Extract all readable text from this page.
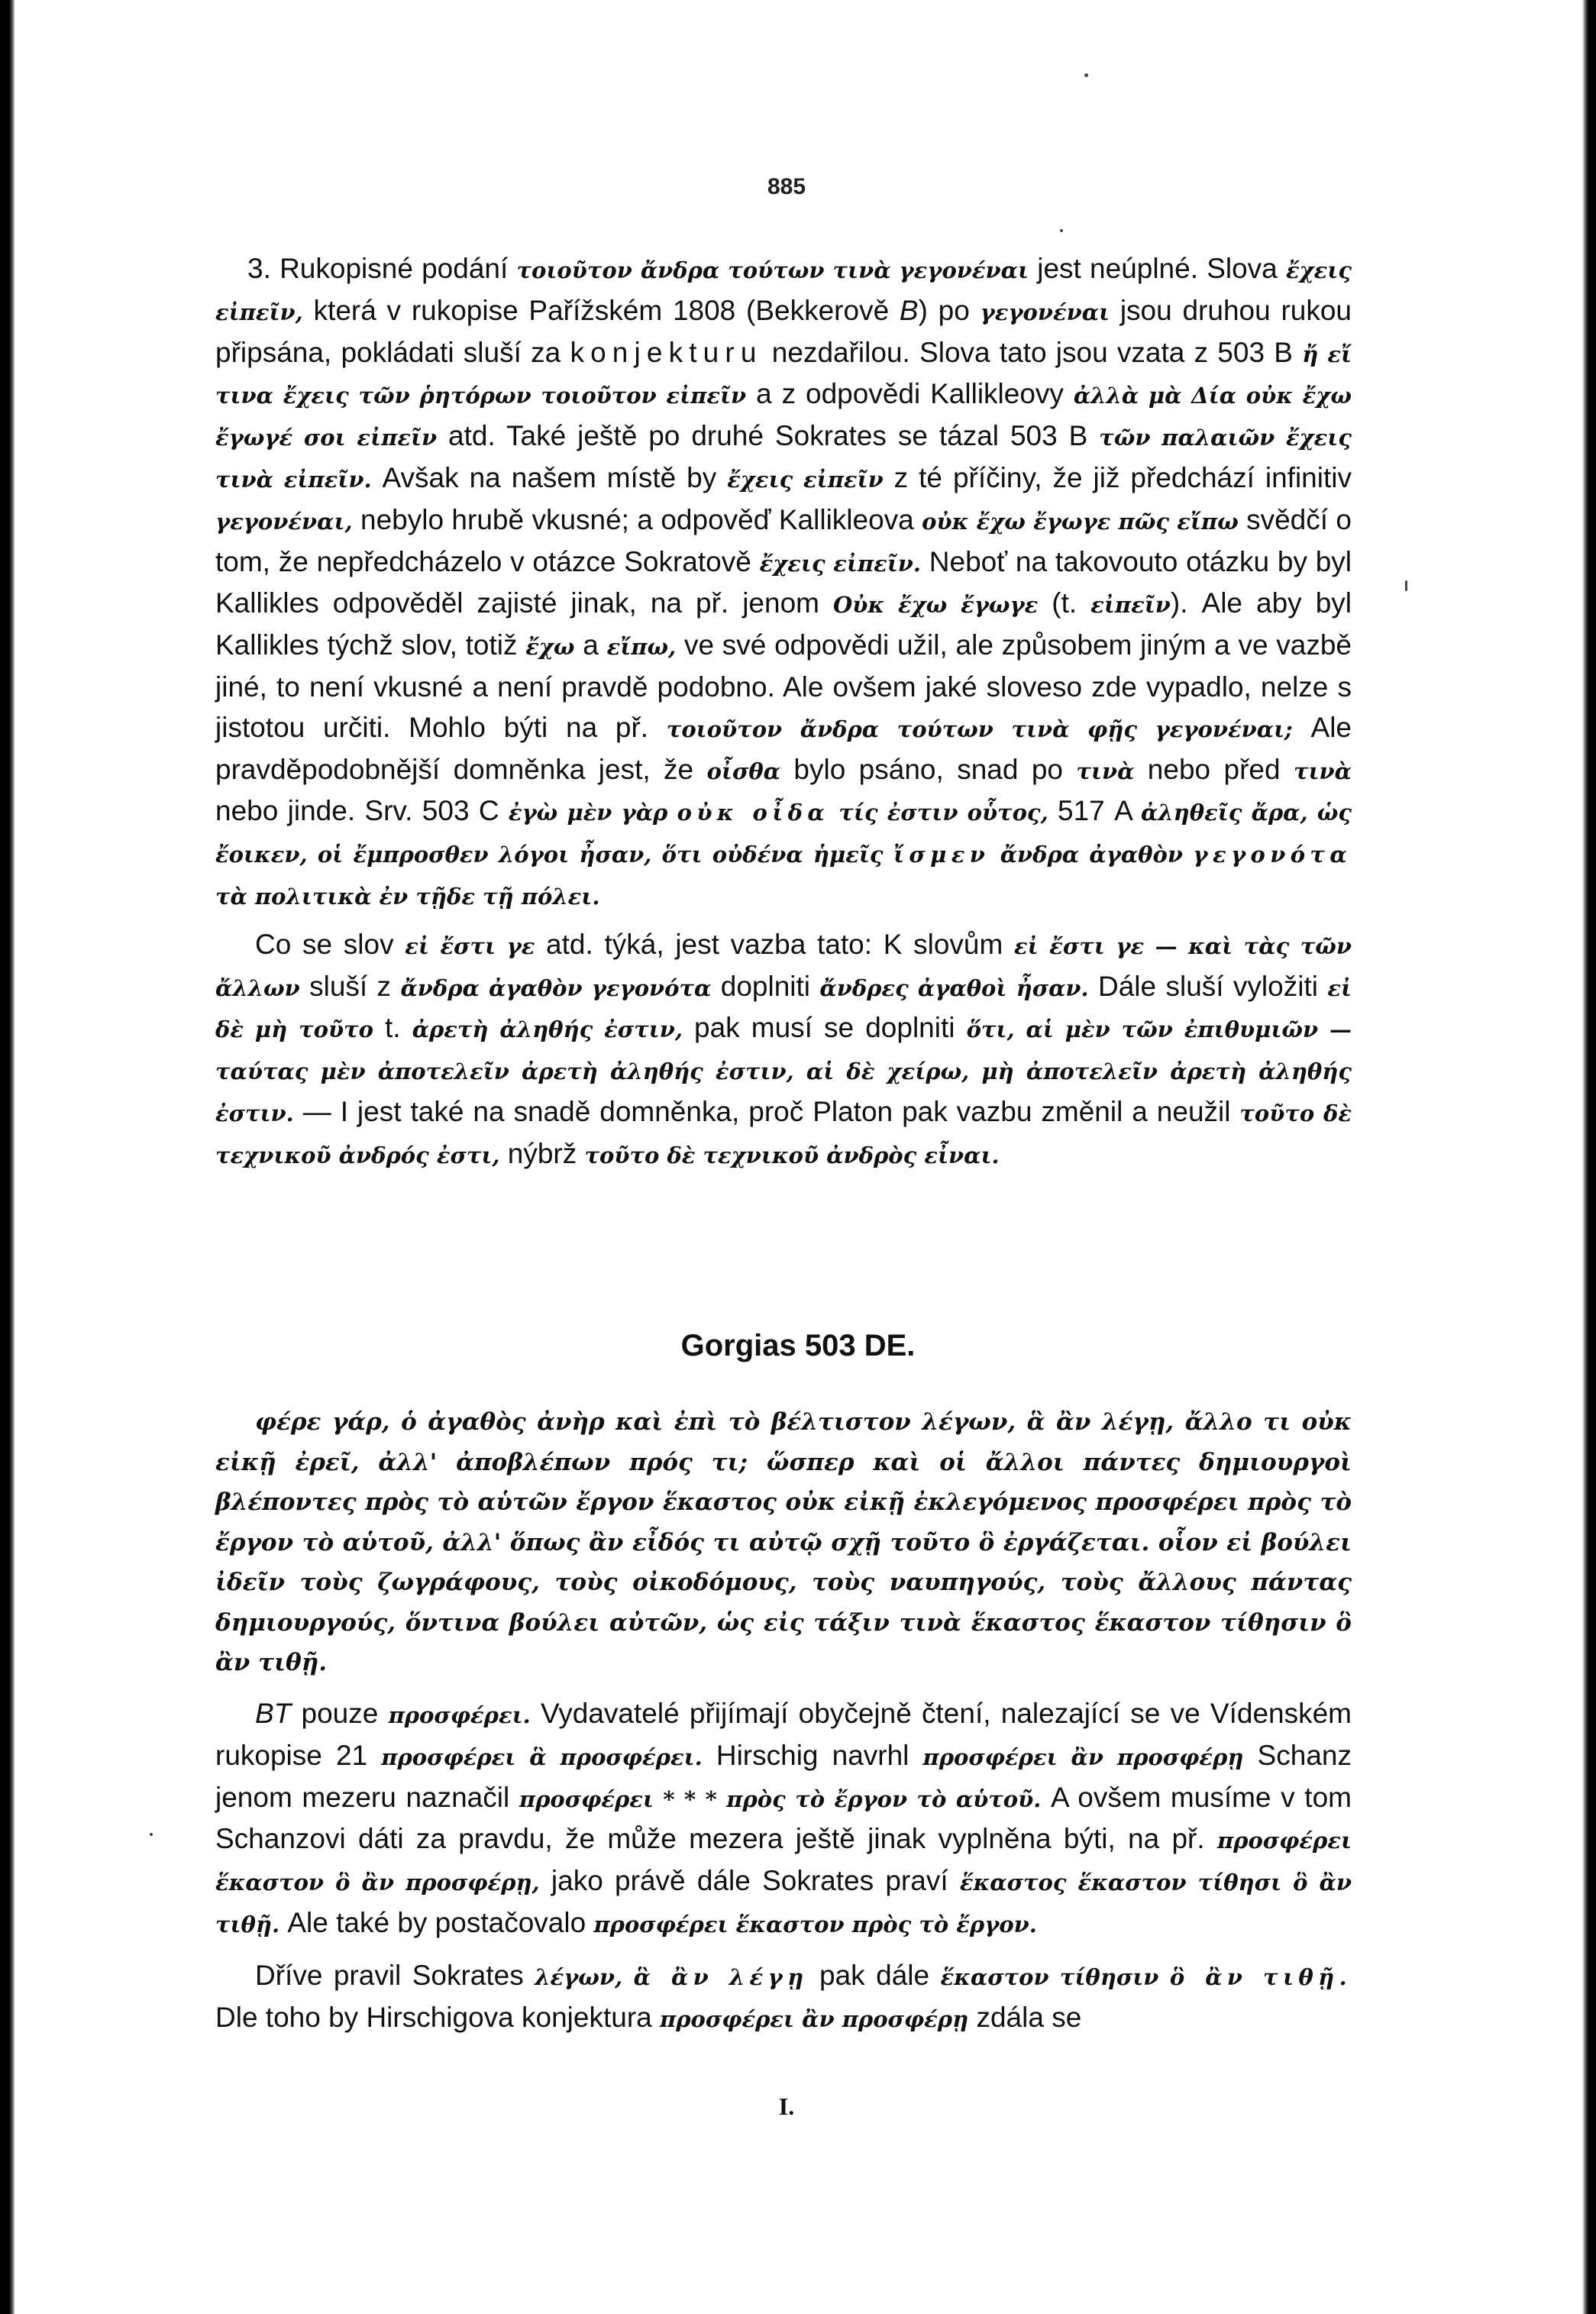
885

3. Rukopisné podání τοιοῦτον ἄνδρα τούτων τινὰ γεγονέναι jest neúplné. Slova ἔχεις εἰπεῖν, která v rukopise Pařížském 1808 (Bekkerově B) po γεγονέναι jsou druhou rukou připsána, pokládati sluší za konjekturu nezdařilou. Slova tato jsou vzata z 503 B ἤ εἴ τινα ἔχεις τῶν ῥητόρων τοιοῦτον εἰπεῖν a z odpovědi Kallikleovy ἀλλὰ μὰ Δία οὐκ ἔχω ἔγωγέ σοι εἰπεῖν atd. Také ještě po druhé Sokrates se tázal 503 B τῶν παλαιῶν ἔχεις τινὰ εἰπεῖν. Avšak na našem místě by ἔχεις εἰπεῖν z té příčiny, že již předchází infinitiv γεγονέναι, nebylo hrubě vkusné; a odpověď Kallikleova οὐκ ἔχω ἔγωγε πῶς εἴπω svědčí o tom, že nepředcházelo v otázce Sokratově ἔχεις εἰπεῖν. Neboť na takovouto otázku by byl Kallikles odpověděl zajisté jinak, na př. jenom Οὐκ ἔχω ἔγωγε (t. εἰπεῖν). Ale aby byl Kallikles týchž slov, totiž ἔχω a εἴπω, ve své odpovědi užil, ale způsobem jiným a ve vazbě jiné, to není vkusné a není pravdě podobno. Ale ovšem jaké sloveso zde vypadlo, nelze s jistotou určiti. Mohlo býti na př. τοιοῦτον ἄνδρα τούτων τινὰ φῇς γεγονέναι; Ale pravděpodobnější domněnka jest, že οἶσθα bylo psáno, snad po τινὰ nebo před τινὰ nebo jinde. Srv. 503 C ἐγὼ μὲν γὰρ οὐκ οἶδα τίς ἐστιν οὗτος, 517 A ἀληθεῖς ἄρα, ὡς ἔοικεν, οἱ ἔμπροσθεν λόγοι ἦσαν, ὅτι οὐδένα ἡμεῖς ἴσμεν ἄνδρα ἀγαθὸν γεγονότα τὰ πολιτικὰ ἐν τῇδε τῇ πόλει.

Co se slov εἰ ἔστι γε atd. týká, jest vazba tato: K slovům εἰ ἔστι γε — καὶ τὰς τῶν ἄλλων sluší z ἄνδρα ἀγαθὸν γεγονότα doplniti ἄνδρες ἀγαθοὶ ἦσαν. Dále sluší vyložiti εἰ δὲ μὴ τοῦτο t. ἀρετὴ ἀληθής ἐστιν, pak musí se doplniti ὅτι, αἱ μὲν τῶν ἐπιθυμιῶν — ταύτας μὲν ἀποτελεῖν ἀρετὴ ἀληθής ἐστιν, αἱ δὲ χείρω, μὴ ἀποτελεῖν ἀρετὴ ἀληθής ἐστιν. — I jest také na snadě domněnka, proč Platon pak vazbu změnil a neužil τοῦτο δὲ τεχνικοῦ ἀνδρός ἐστι, nýbrž τοῦτο δὲ τεχνικοῦ ἀνδρὸς εἶναι.

Gorgias 503 DE.
φέρε γάρ, ὁ ἀγαθὸς ἀνὴρ καὶ ἐπὶ τὸ βέλτιστον λέγων, ἃ ἂν λέγῃ, ἄλλο τι οὐκ εἰκῇ ἐρεῖ, ἀλλ' ἀποβλέπων πρός τι; ὥσπερ καὶ οἱ ἄλλοι πάντες δημιουργοὶ βλέποντες πρὸς τὸ αὑτῶν ἔργον ἕκαστος οὐκ εἰκῇ ἐκλεγόμενος προσφέρει πρὸς τὸ ἔργον τὸ αὑτοῦ, ἀλλ' ὅπως ἂν εἶδός τι αὐτῷ σχῇ τοῦτο ὃ ἐργάζεται. οἷον εἰ βούλει ἰδεῖν τοὺς ζωγράφους, τοὺς οἰκοδόμους, τοὺς ναυπηγούς, τοὺς ἄλλους πάντας δημιουργούς, ὅντινα βούλει αὐτῶν, ὡς εἰς τάξιν τινὰ ἕκαστος ἕκαστον τίθησιν ὃ ἂν τιθῇ.

BT pouze προσφέρει. Vydavatelé přijímají obyčejně čtení, nalezající se ve Vídenském rukopise 21 προσφέρει ἃ προσφέρει. Hirschig navrhl προσφέρει ἂν προσφέρῃ Schanz jenom mezeru naznačil προσφέρει * * * πρὸς τὸ ἔργον τὸ αὑτοῦ. A ovšem musíme v tom Schanzovi dáti za pravdu, že může mezera ještě jinak vyplněna býti, na př. προσφέρει ἕκαστον ὃ ἂν προσφέρῃ, jako právě dále Sokrates praví ἕκαστος ἕκαστον τίθησι ὃ ἂν τιθῇ. Ale také by postačovalo προσφέρει ἕκαστον πρὸς τὸ ἔργον.

Dříve pravil Sokrates λέγων, ἃ ἂν λέγῃ pak dále ἕκαστον τίθησιν ὃ ἂν τιθῇ. Dle toho by Hirschigova konjektura προσφέρει ἂν προσφέρῃ zdála se

I.
